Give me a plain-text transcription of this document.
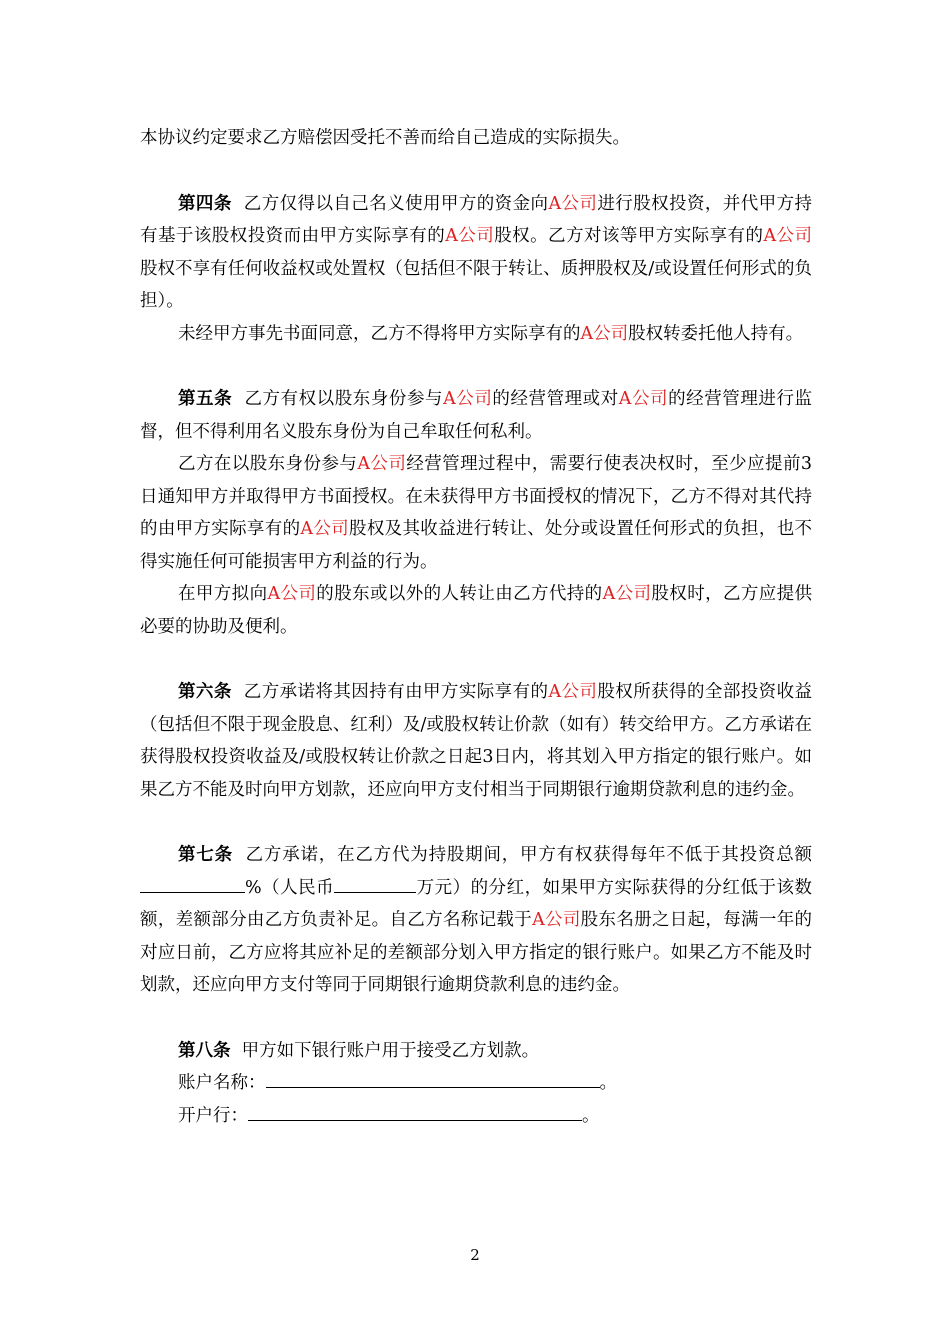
本协议约定要求乙方赔偿因受托不善而给自己造成的实际损失。

第四条 乙方仅得以自己名义使用甲方的资金向A公司进行股权投资，并代甲方持有基于该股权投资而由甲方实际享有的A公司股权。乙方对该等甲方实际享有的A公司股权不享有任何收益权或处置权（包括但不限于转让、质押股权及/或设置任何形式的负担）。

未经甲方事先书面同意，乙方不得将甲方实际享有的A公司股权转委托他人持有。

第五条 乙方有权以股东身份参与A公司的经营管理或对A公司的经营管理进行监督，但不得利用名义股东身份为自己牟取任何私利。

乙方在以股东身份参与A公司经营管理过程中，需要行使表决权时，至少应提前3日通知甲方并取得甲方书面授权。在未获得甲方书面授权的情况下，乙方不得对其代持的由甲方实际享有的A公司股权及其收益进行转让、处分或设置任何形式的负担，也不得实施任何可能损害甲方利益的行为。

在甲方拟向A公司的股东或以外的人转让由乙方代持的A公司股权时，乙方应提供必要的协助及便利。

第六条 乙方承诺将其因持有由甲方实际享有的A公司股权所获得的全部投资收益（包括但不限于现金股息、红利）及/或股权转让价款（如有）转交给甲方。乙方承诺在获得股权投资收益及/或股权转让价款之日起3日内，将其划入甲方指定的银行账户。如果乙方不能及时向甲方划款，还应向甲方支付相当于同期银行逾期贷款利息的违约金。

第七条 乙方承诺，在乙方代为持股期间，甲方有权获得每年不低于其投资总额%（人民币	万元）的分红，如果甲方实际获得的分红低于该数额，差额部分由乙方负责补足。自乙方名称记载于A公司股东名册之日起，每满一年的对应日前，乙方应将其应补足的差额部分划入甲方指定的银行账户。如果乙方不能及时划款，还应向甲方支付等同于同期银行逾期贷款利息的违约金。

第八条 甲方如下银行账户用于接受乙方划款。

账户名称：	。

开户行：	。

2
